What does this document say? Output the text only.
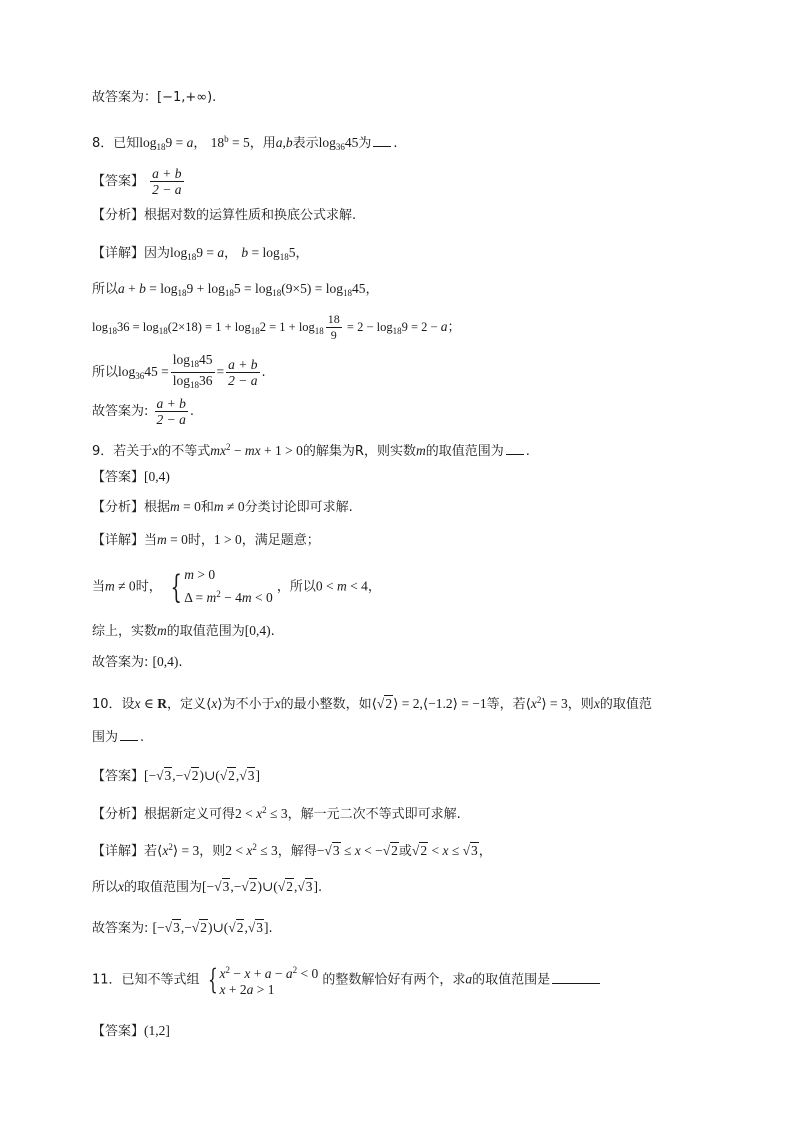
故答案为：[−1,+∞).
8．已知$\log_{18}9 = a$， $18^b = 5$，用a,b表示$\log_{36}45$为 .
【答案】 $\frac{a + b}{2 - a}$
【分析】根据对数的运算性质和换底公式求解.
【详解】因为$\log_{18}9 = a$， $b = \log_{18}5$，
所以$a + b = \log_{18}9 + \log_{18}5 = \log_{18}(9\times 5) = \log_{18}45$，
$\log_{18}36 = \log_{18}(2\times 18) = 1 + \log_{18}2 = 1 + \log_{18} \frac{18}{9} = 2 - \log_{18}9 = 2 - a$；
所以$\log_{36}45 = \frac{\log_{18}45}{\log_{18}36} = \frac{a + b}{2 - a}$ .
故答案为: $\frac{a + b}{2 - a}$ .
9．若关于x的不等式$mx^2$ − mx + 1 > 0的解集为R，则实数m的取值范围为 .
【答案】[0,4)
【分析】根据m = 0和m ≠ 0分类讨论即可求解.
【详解】当m = 0时，1 > 0，满足题意；
当m ≠ 0时， { m > 0
$\Delta = m^2 - 4m < 0$
，所以0 < m < 4，
综上，实数m的取值范围为[0,4).
故答案为: [0,4).
10．设x ∈ R，定义⟨x⟩为不小于x的最小整数，如⟨√2⟩ = 2,⟨−1.2⟩ = −1等，若$⟨x^2⟩ = 3$，则x的取值范
围为 .
【答案】[−√3,−√2)∪(√2,√3]
【分析】根据新定义可得$2 < x^2 \le 3$，解一元二次不等式即可求解.
【详解】若$⟨x^2⟩ = 3$，则$2 < x^2 \le 3$，解得−√3 ≤ x < −√2或√2 < x ≤ √3，
所以x的取值范围为[−√3,−√2)∪(√2,√3].
故答案为: [−√3,−√2)∪(√2,√3].
11．已知不等式组 { $x^2 - x + a - a^2 < 0$
x + 2a > 1
的整数解恰好有两个，求a的取值范围是
【答案】(1,2]
